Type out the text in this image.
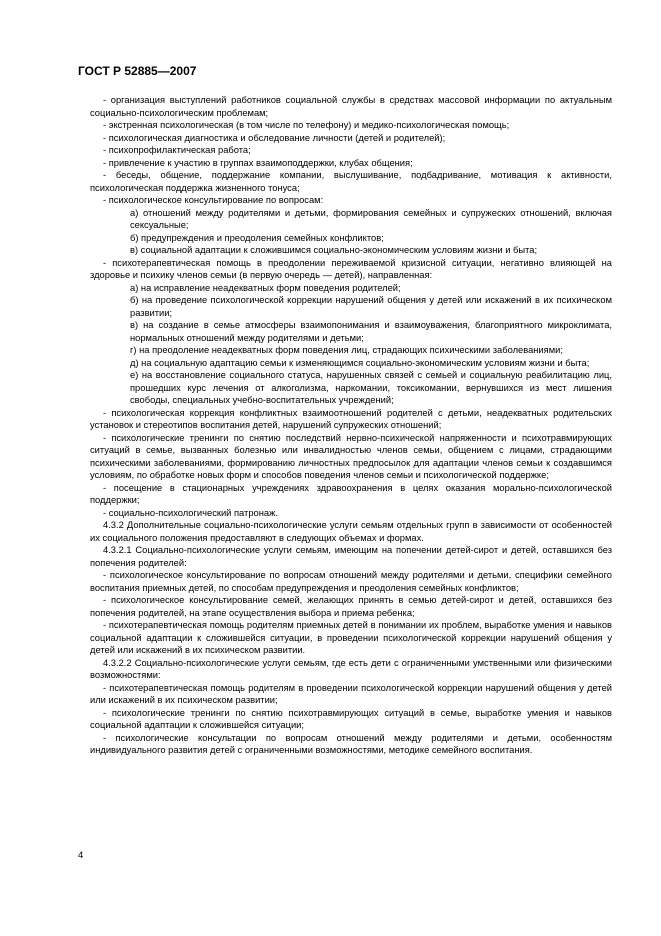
ГОСТ Р 52885—2007

- организация выступлений работников социальной службы в средствах массовой информации по актуальным социально-психологическим проблемам;

- экстренная психологическая (в том числе по телефону) и медико-психологическая помощь;

- психологическая диагностика и обследование личности (детей и родителей);

- психопрофилактическая работа;

- привлечение к участию в группах взаимоподдержки, клубах общения;

- беседы, общение, поддержание компании, выслушивание, подбадривание, мотивация к активности, психологическая поддержка жизненного тонуса;

- психологическое консультирование по вопросам:

а) отношений между родителями и детьми, формирования семейных и супружеских отношений, включая сексуальные;

б) предупреждения и преодоления семейных конфликтов;

в) социальной адаптации к сложившимся социально-экономическим условиям жизни и быта;

- психотерапевтическая помощь в преодолении переживаемой кризисной ситуации, негативно влияющей на здоровье и психику членов семьи (в первую очередь — детей), направленная:

а) на исправление неадекватных форм поведения родителей;

б) на проведение психологической коррекции нарушений общения у детей или искажений в их психическом развитии;

в) на создание в семье атмосферы взаимопонимания и взаимоуважения, благоприятного микроклимата, нормальных отношений между родителями и детьми;

г) на преодоление неадекватных форм поведения лиц, страдающих психическими заболеваниями;

д) на социальную адаптацию семьи к изменяющимся социально-экономическим условиям жизни и быта;

е) на восстановление социального статуса, нарушенных связей с семьей и социальную реабилитацию лиц, прошедших курс лечения от алкоголизма, наркомании, токсикомании, вернувшихся из мест лишения свободы, специальных учебно-воспитательных учреждений;

- психологическая коррекция конфликтных взаимоотношений родителей с детьми, неадекватных родительских установок и стереотипов воспитания детей, нарушений супружеских отношений;

- психологические тренинги по снятию последствий нервно-психической напряженности и психотравмирующих ситуаций в семье, вызванных болезнью или инвалидностью членов семьи, общением с лицами, страдающими психическими заболеваниями, формированию личностных предпосылок для адаптации членов семьи к создавшимся условиям, по обработке новых форм и способов поведения членов семьи и психологической поддержке;

- посещение в стационарных учреждениях здравоохранения в целях оказания морально-психологической поддержки;

- социально-психологический патронаж.

4.3.2 Дополнительные социально-психологические услуги семьям отдельных групп в зависимости от особенностей их социального положения предоставляют в следующих объемах и формах.

4.3.2.1 Социально-психологические услуги семьям, имеющим на попечении детей-сирот и детей, оставшихся без попечения родителей:

- психологическое консультирование по вопросам отношений между родителями и детьми, специфики семейного воспитания приемных детей, по способам предупреждения и преодоления семейных конфликтов;

- психологическое консультирование семей, желающих принять в семью детей-сирот и детей, оставшихся без попечения родителей, на этапе осуществления выбора и приема ребенка;

- психотерапевтическая помощь родителям приемных детей в понимании их проблем, выработке умения и навыков социальной адаптации к сложившейся ситуации, в проведении психологической коррекции нарушений общения у детей или искажений в их психическом развитии.

4.3.2.2 Социально-психологические услуги семьям, где есть дети с ограниченными умственными или физическими возможностями:

- психотерапевтическая помощь родителям в проведении психологической коррекции нарушений общения у детей или искажений в их психическом развитии;

- психологические тренинги по снятию психотравмирующих ситуаций в семье, выработке умения и навыков социальной адаптации к сложившейся ситуации;

- психологические консультации по вопросам отношений между родителями и детьми, особенностям индивидуального развития детей с ограниченными возможностями, методике семейного воспитания.

4
